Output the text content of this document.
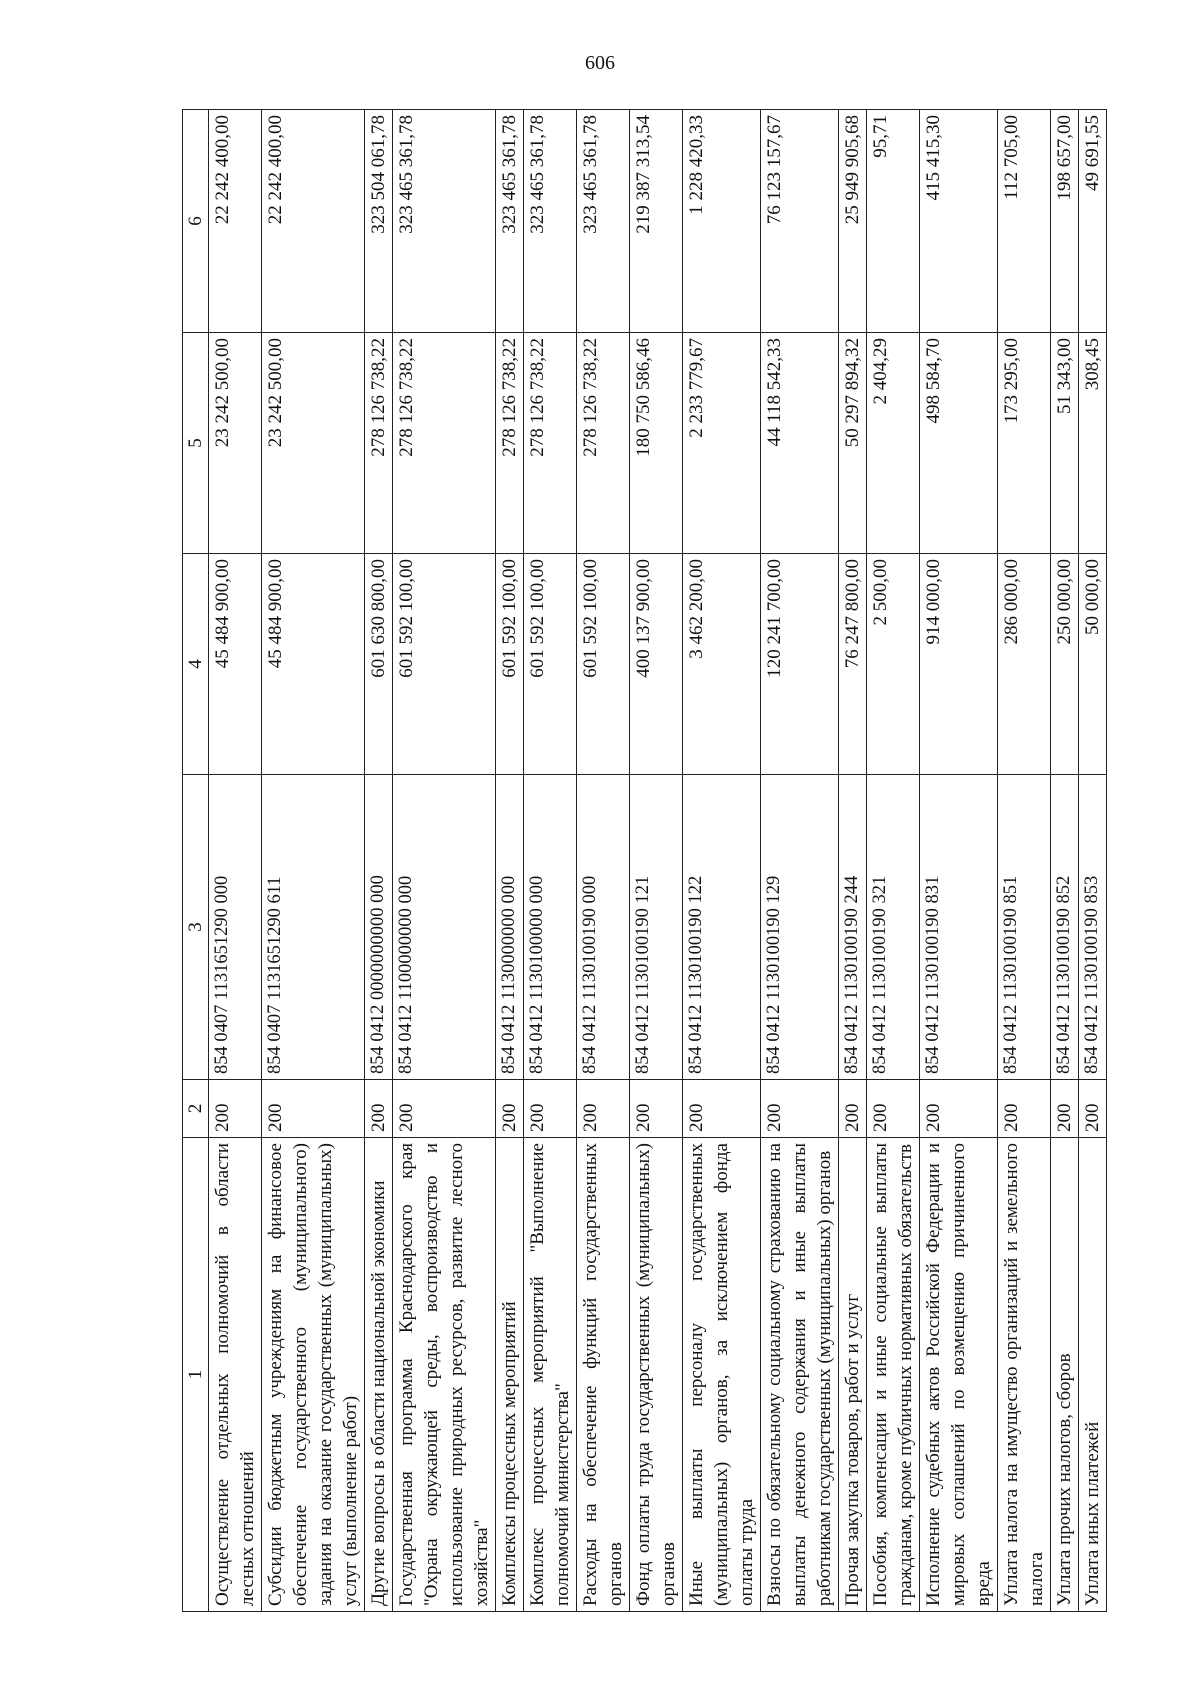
606
1	2	3	4	5	6
Осуществление отдельных полномочий в области лесных отношений	200	854 0407 1131651290 000	45 484 900,00	23 242 500,00	22 242 400,00
Субсидии бюджетным учреждениям на финансовое обеспечение государственного (муниципального) задания на оказание государственных (муниципальных) услуг (выполнение работ)	200	854 0407 1131651290 611	45 484 900,00	23 242 500,00	22 242 400,00
Другие вопросы в области национальной экономики	200	854 0412 0000000000 000	601 630 800,00	278 126 738,22	323 504 061,78
Государственная программа Краснодарского края "Охрана окружающей среды, воспроизводство и использование природных ресурсов, развитие лесного хозяйства"	200	854 0412 1100000000 000	601 592 100,00	278 126 738,22	323 465 361,78
Комплексы процессных мероприятий	200	854 0412 1130000000 000	601 592 100,00	278 126 738,22	323 465 361,78
Комплекс процессных мероприятий "Выполнение полномочий министерства"	200	854 0412 1130100000 000	601 592 100,00	278 126 738,22	323 465 361,78
Расходы на обеспечение функций государственных органов	200	854 0412 1130100190 000	601 592 100,00	278 126 738,22	323 465 361,78
Фонд оплаты труда государственных (муниципальных) органов	200	854 0412 1130100190 121	400 137 900,00	180 750 586,46	219 387 313,54
Иные выплаты персоналу государственных (муниципальных) органов, за исключением фонда оплаты труда	200	854 0412 1130100190 122	3 462 200,00	2 233 779,67	1 228 420,33
Взносы по обязательному социальному страхованию на выплаты денежного содержания и иные выплаты работникам государственных (муниципальных) органов	200	854 0412 1130100190 129	120 241 700,00	44 118 542,33	76 123 157,67
Прочая закупка товаров, работ и услуг	200	854 0412 1130100190 244	76 247 800,00	50 297 894,32	25 949 905,68
Пособия, компенсации и иные социальные выплаты гражданам, кроме публичных нормативных обязательств	200	854 0412 1130100190 321	2 500,00	2 404,29	95,71
Исполнение судебных актов Российской Федерации и мировых соглашений по возмещению причиненного вреда	200	854 0412 1130100190 831	914 000,00	498 584,70	415 415,30
Уплата налога на имущество организаций и земельного налога	200	854 0412 1130100190 851	286 000,00	173 295,00	112 705,00
Уплата прочих налогов, сборов	200	854 0412 1130100190 852	250 000,00	51 343,00	198 657,00
Уплата иных платежей	200	854 0412 1130100190 853	50 000,00	308,45	49 691,55
